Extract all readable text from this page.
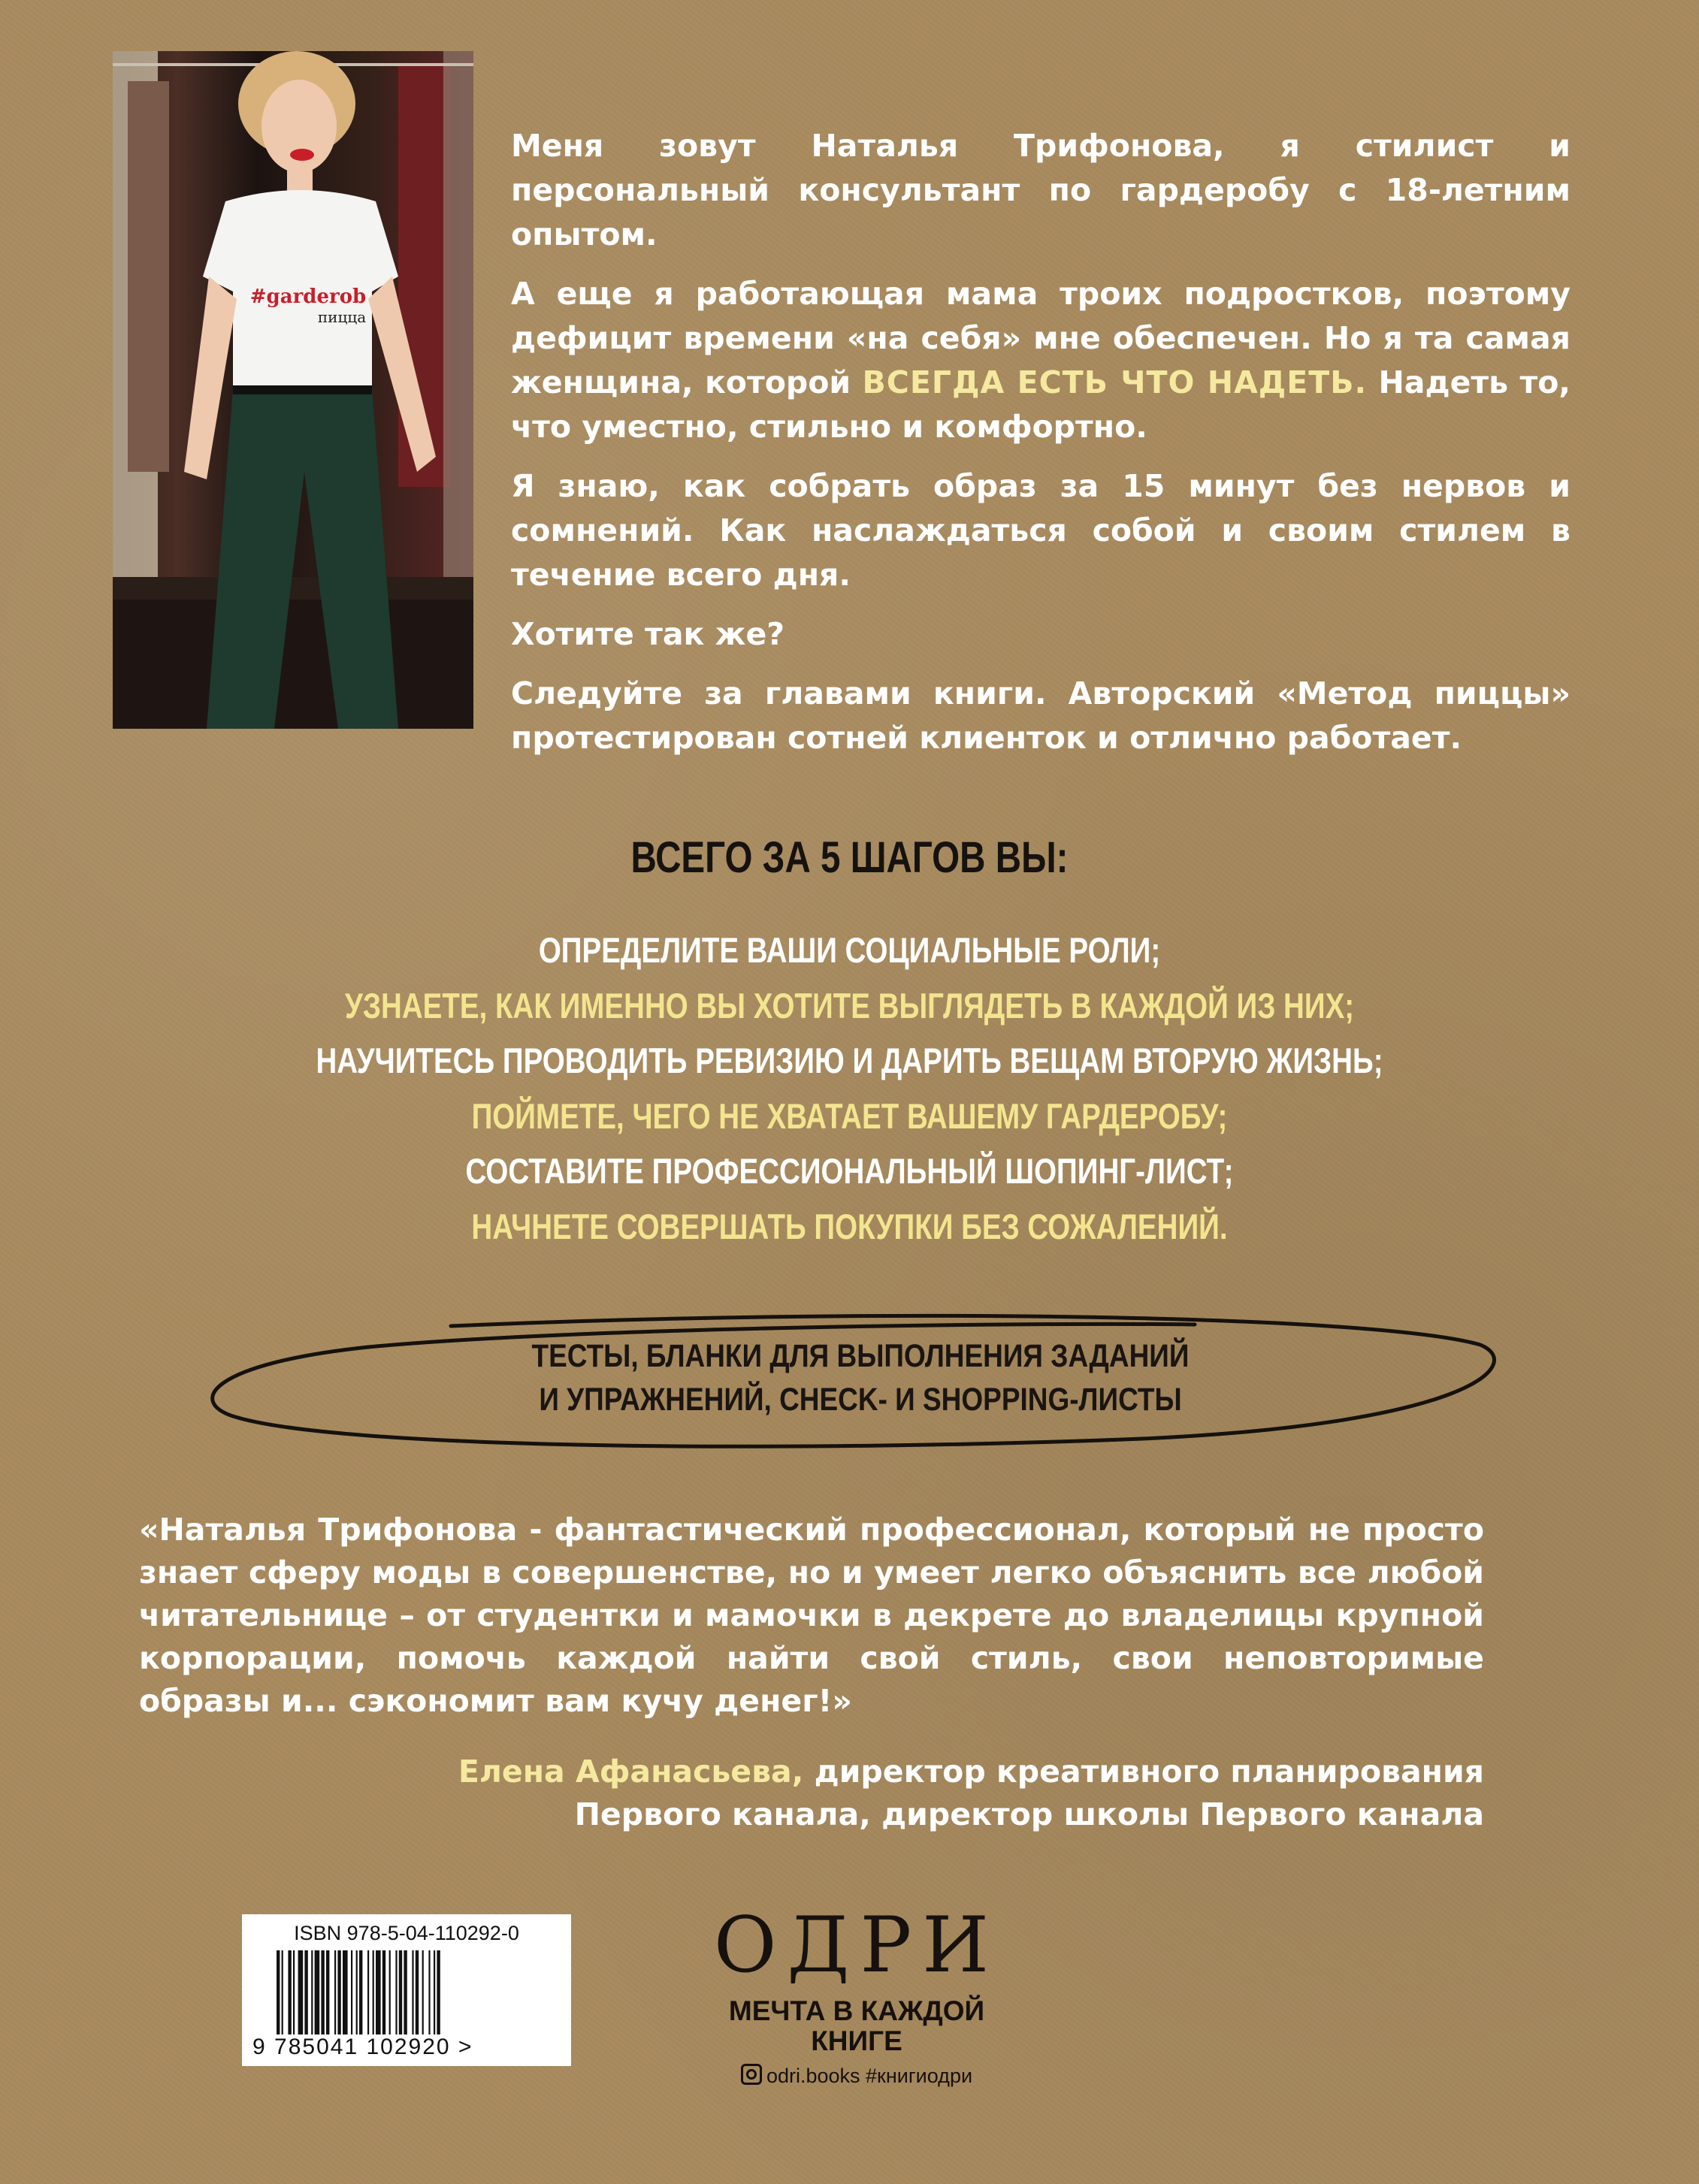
#garderob
пицца

Меня зовут Наталья Трифонова, я стилист и персональный консультант по гардеробу с 18-летним опытом.

А еще я работающая мама троих подростков, поэтому дефицит времени «на себя» мне обеспечен. Но я та самая женщина, которой ВСЕГДА ЕСТЬ ЧТО НАДЕТЬ. Надеть то, что уместно, стильно и комфортно.

Я знаю, как собрать образ за 15 минут без нервов и сомнений. Как наслаждаться собой и своим стилем в течение всего дня.

Хотите так же?

Следуйте за главами книги. Авторский «Метод пиццы» протестирован сотней клиенток и отлично работает.

ВСЕГО ЗА 5 ШАГОВ ВЫ:
ОПРЕДЕЛИТЕ ВАШИ СОЦИАЛЬНЫЕ РОЛИ;
УЗНАЕТЕ, КАК ИМЕННО ВЫ ХОТИТЕ ВЫГЛЯДЕТЬ В КАЖДОЙ ИЗ НИХ;
НАУЧИТЕСЬ ПРОВОДИТЬ РЕВИЗИЮ И ДАРИТЬ ВЕЩАМ ВТОРУЮ ЖИЗНЬ;
ПОЙМЕТЕ, ЧЕГО НЕ ХВАТАЕТ ВАШЕМУ ГАРДЕРОБУ;
СОСТАВИТЕ ПРОФЕССИОНАЛЬНЫЙ ШОПИНГ-ЛИСТ;
НАЧНЕТЕ СОВЕРШАТЬ ПОКУПКИ БЕЗ СОЖАЛЕНИЙ.
ТЕСТЫ, БЛАНКИ ДЛЯ ВЫПОЛНЕНИЯ ЗАДАНИЙ
И УПРАЖНЕНИЙ, CHECK- И SHOPPING-ЛИСТЫ
«Наталья Трифонова - фантастический профессионал, который не просто знает сферу моды в совершенстве, но и умеет легко объяснить все любой читательнице – от студентки и мамочки в декрете до владелицы крупной корпорации, помочь каждой найти свой стиль, свои неповторимые образы и... сэкономит вам кучу денег!»
Елена Афанасьева, директор креативного планирования
Первого канала, директор школы Первого канала
ISBN 978-5-04-110292-0
9 785041 102920 >
ОДРИ
МЕЧТА В КАЖДОЙ
КНИГЕ
odri.books #книгиодри
